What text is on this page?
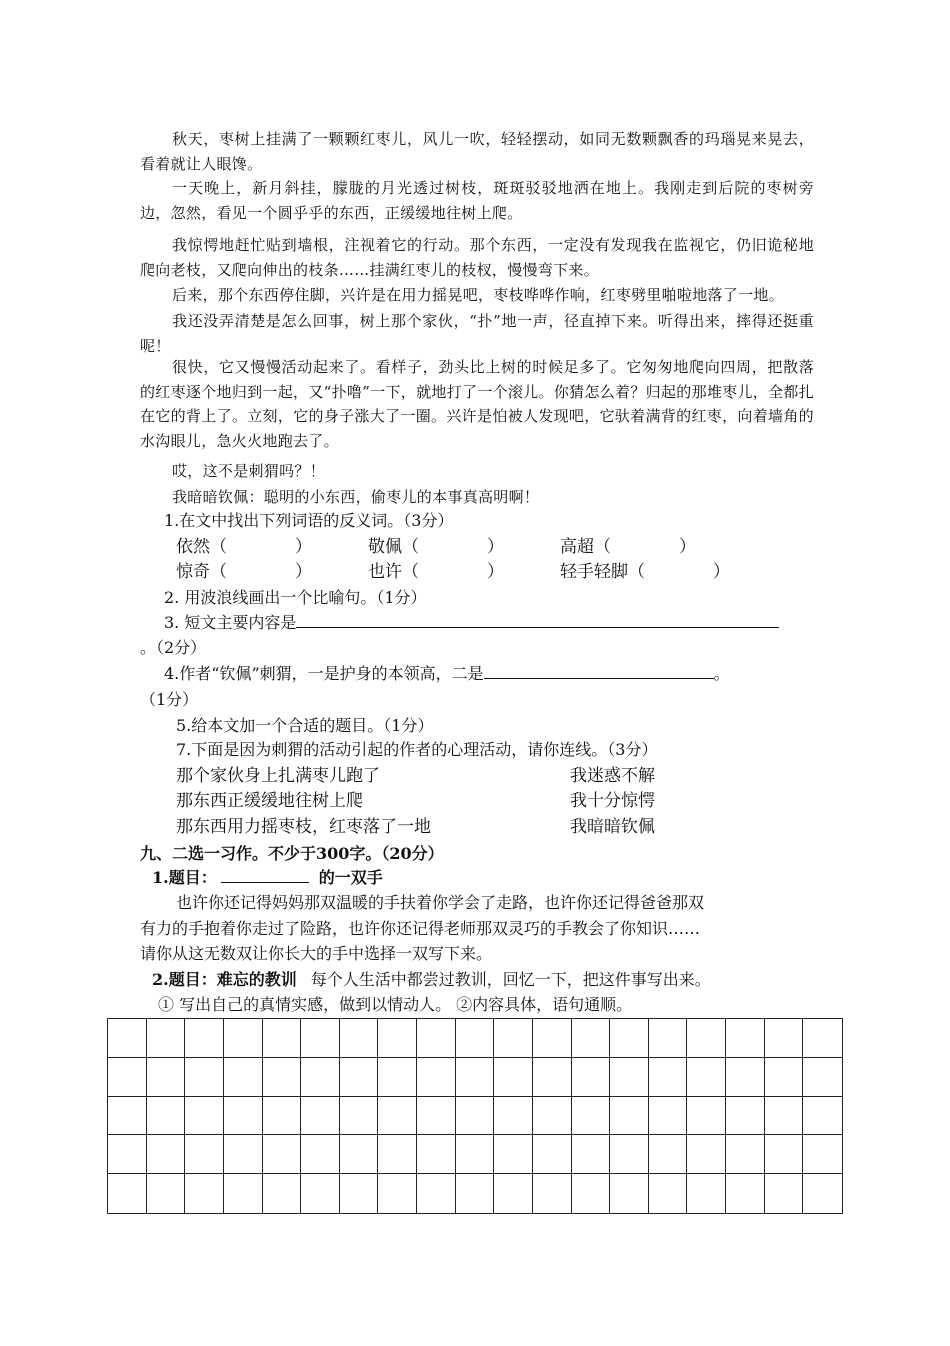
秋天，枣树上挂满了一颗颗红枣儿，风儿一吹，轻轻摆动，如同无数颗飘香的玛瑙晃来晃去，看着就让人眼馋。

一天晚上，新月斜挂，朦胧的月光透过树枝，斑斑驳驳地洒在地上。我刚走到后院的枣树旁边，忽然，看见一个圆乎乎的东西，正缓缓地往树上爬。

我惊愕地赶忙贴到墙根，注视着它的行动。那个东西，一定没有发现我在监视它，仍旧诡秘地爬向老枝，又爬向伸出的枝条……挂满红枣儿的枝杈，慢慢弯下来。

后来，那个东西停住脚，兴许是在用力摇晃吧，枣枝哗哗作响，红枣劈里啪啦地落了一地。

我还没弄清楚是怎么回事，树上那个家伙，“扑”地一声，径直掉下来。听得出来，摔得还挺重呢！

很快，它又慢慢活动起来了。看样子，劲头比上树的时候足多了。它匆匆地爬向四周，把散落的红枣逐个地归到一起，又“扑噜”一下，就地打了一个滚儿。你猜怎么着？归起的那堆枣儿，全都扎在它的背上了。立刻，它的身子涨大了一圈。兴许是怕被人发现吧，它驮着满背的红枣，向着墙角的水沟眼儿，急火火地跑去了。

哎，这不是刺猬吗？！

我暗暗钦佩：聪明的小东西，偷枣儿的本事真高明啊！

1.在文中找出下列词语的反义词。（3分）

依然（　　　　）	敬佩（　　　　）	高超（　　　　）

惊奇（　　　　）	也许（　　　　）	轻手轻脚（　　　　）

2. 用波浪线画出一个比喻句。（1分）

3. 短文主要内容是

。（2分）

4.作者“钦佩”刺猬，一是护身的本领高，二是	。

（1分）

5.给本文加一个合适的题目。（1分）

7.下面是因为刺猬的活动引起的作者的心理活动，请你连线。（3分）

那个家伙身上扎满枣儿跑了

那东西正缓缓地往树上爬

那东西用力摇枣枝，红枣落了一地

我迷惑不解

我十分惊愕

我暗暗钦佩

九、二选一习作。不少于300字。（20分）

1.题目：	的一双手

也许你还记得妈妈那双温暖的手扶着你学会了走路，也许你还记得爸爸那双

有力的手抱着你走过了险路，也许你还记得老师那双灵巧的手教会了你知识……

请你从这无数双让你长大的手中选择一双写下来。

2.题目：难忘的教训 每个人生活中都尝过教训，回忆一下，把这件事写出来。

① 写出自己的真情实感，做到以情动人。 ②内容具体，语句通顺。
